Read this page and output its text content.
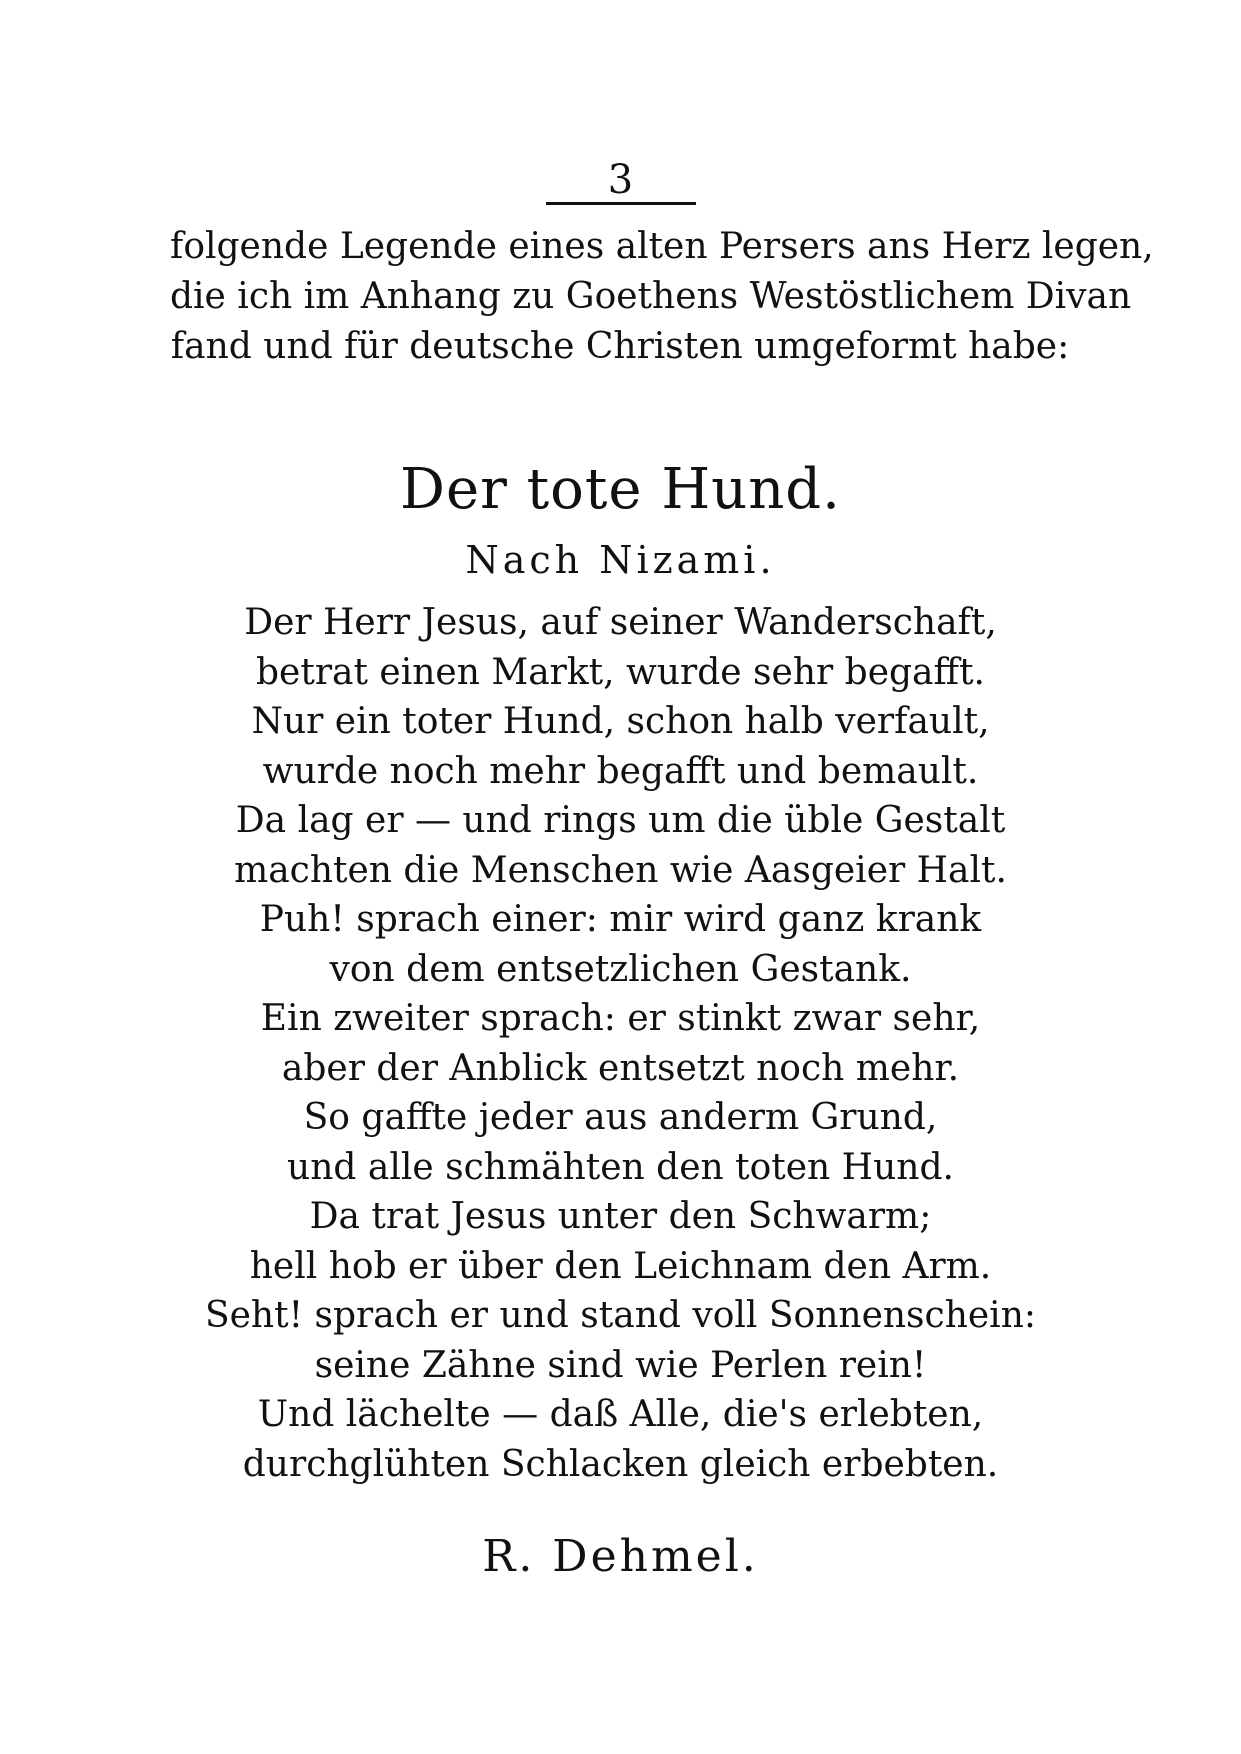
3
folgende Legende eines alten Persers ans Herz legen,
die ich im Anhang zu Goethens Westöstlichem Divan
fand und für deutsche Christen umgeformt habe:
Der tote Hund.
Nach Nizami.
Der Herr Jesus, auf seiner Wanderschaft,
betrat einen Markt, wurde sehr begafft.
Nur ein toter Hund, schon halb verfault,
wurde noch mehr begafft und bemault.
Da lag er — und rings um die üble Gestalt
machten die Menschen wie Aasgeier Halt.
Puh! sprach einer: mir wird ganz krank
von dem entsetzlichen Gestank.
Ein zweiter sprach: er stinkt zwar sehr,
aber der Anblick entsetzt noch mehr.
So gaffte jeder aus anderm Grund,
und alle schmähten den toten Hund.
Da trat Jesus unter den Schwarm;
hell hob er über den Leichnam den Arm.
Seht! sprach er und stand voll Sonnenschein:
seine Zähne sind wie Perlen rein!
Und lächelte — daß Alle, die's erlebten,
durchglühten Schlacken gleich erbebten.
R. Dehmel.
